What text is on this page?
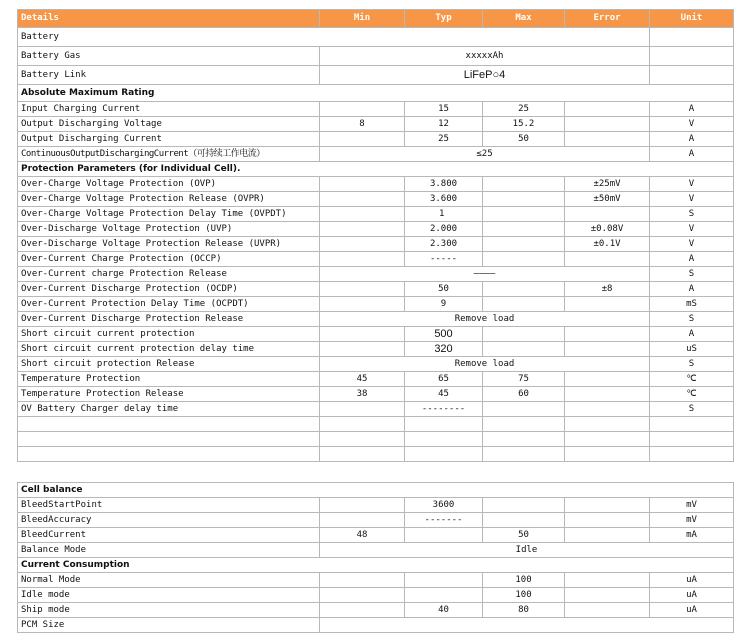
Details	Min	Typ	Max	Error	Unit
Battery					
Battery Gas	xxxxxAh				
Battery Link	LiFeP○4				
Absolute Maximum Rating					
Input Charging Current		15	25		A
Output Discharging Voltage	8	12	15.2		V
Output Discharging Current		25	50		A
ContinuousOutputDischargingCurrent（可持续工作电流）	≤25				A
Protection Parameters (for Individual Cell).					
Over-Charge Voltage Protection (OVP)		3.800		±25mV	V
Over-Charge Voltage Protection Release (OVPR)		3.600		±50mV	V
Over-Charge Voltage Protection Delay Time (OVPDT)		1			S
Over-Discharge Voltage Protection (UVP)		2.000		±0.08V	V
Over-Discharge Voltage Protection Release (UVPR)		2.300		±0.1V	V
Over-Current Charge Protection (OCCP)		-----			A
Over-Current charge Protection Release	————				S
Over-Current Discharge Protection (OCDP)		50		±8	A
Over-Current Protection Delay Time (OCPDT)		9			mS
Over-Current Discharge Protection Release	Remove load				S
Short circuit current protection		500			A
Short circuit current protection delay time		320			uS
Short circuit protection Release	Remove load				S
Temperature Protection	45	65	75		℃
Temperature Protection Release	38	45	60		℃
OV Battery Charger delay time		--------			S

Cell balance					
BleedStartPoint		3600			mV
BleedAccuracy		-------			mV
BleedCurrent	48		50		mA
Balance Mode	Idle				
Current Consumption					
Normal Mode			100		uA
Idle mode			100		uA
Ship mode		40	80		uA
PCM Size					
